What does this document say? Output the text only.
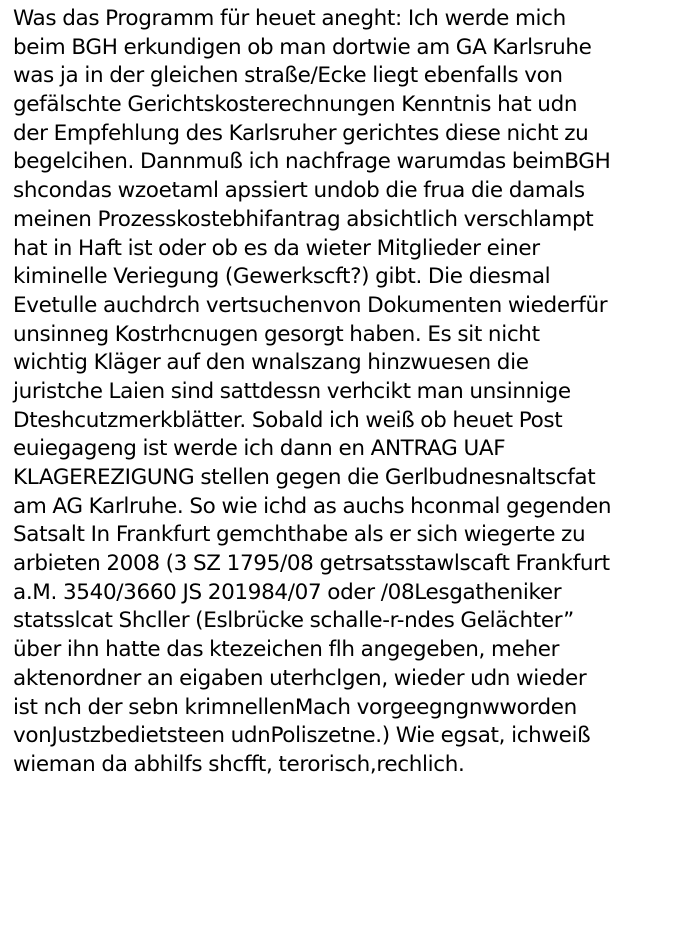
Was das Programm für heuet aneght: Ich werde mich
beim BGH erkundigen ob man dortwie am GA Karlsruhe
was ja in der gleichen straße/Ecke liegt ebenfalls von
gefälschte Gerichtskosterechnungen Kenntnis hat udn
der Empfehlung des Karlsruher gerichtes diese nicht zu
begelcihen. Dannmuß ich nachfrage warumdas beimBGH
shcondas wzoetaml apssiert undob die frua die damals
meinen Prozesskostebhifantrag absichtlich verschlampt
hat in Haft ist oder ob es da wieter Mitglieder einer
kiminelle Veriegung (Gewerkscft?) gibt. Die diesmal
Evetulle auchdrch vertsuchenvon Dokumenten wiederfür
unsinneg Kostrhcnugen gesorgt haben. Es sit nicht
wichtig Kläger auf den wnalszang hinzwuesen die
juristche Laien sind sattdessn verhcikt man unsinnige
Dteshcutzmerkblätter. Sobald ich weiß ob heuet Post
euiegageng ist werde ich dann en ANTRAG UAF
KLAGEREZIGUNG stellen gegen die Gerlbudnesnaltscfat
am AG Karlruhe. So wie ichd as auchs hconmal gegenden
Satsalt In Frankfurt gemchthabe als er sich wiegerte zu
arbieten 2008 (3 SZ 1795/08 getrsatsstawlscaft Frankfurt
a.M. 3540/3660 JS 201984/07 oder /08Lesgatheniker
statsslcat Shcller (Eslbrücke schalle-r-ndes Gelächter”
über ihn hatte das ktezeichen flh angegeben, meher
aktenordner an eigaben uterhclgen, wieder udn wieder
ist nch der sebn krimnellenMach vorgeegngnwworden
vonJustzbedietsteen udnPoliszetne.) Wie egsat, ichweiß
wieman da abhilfs shcfft, terorisch,rechlich.
